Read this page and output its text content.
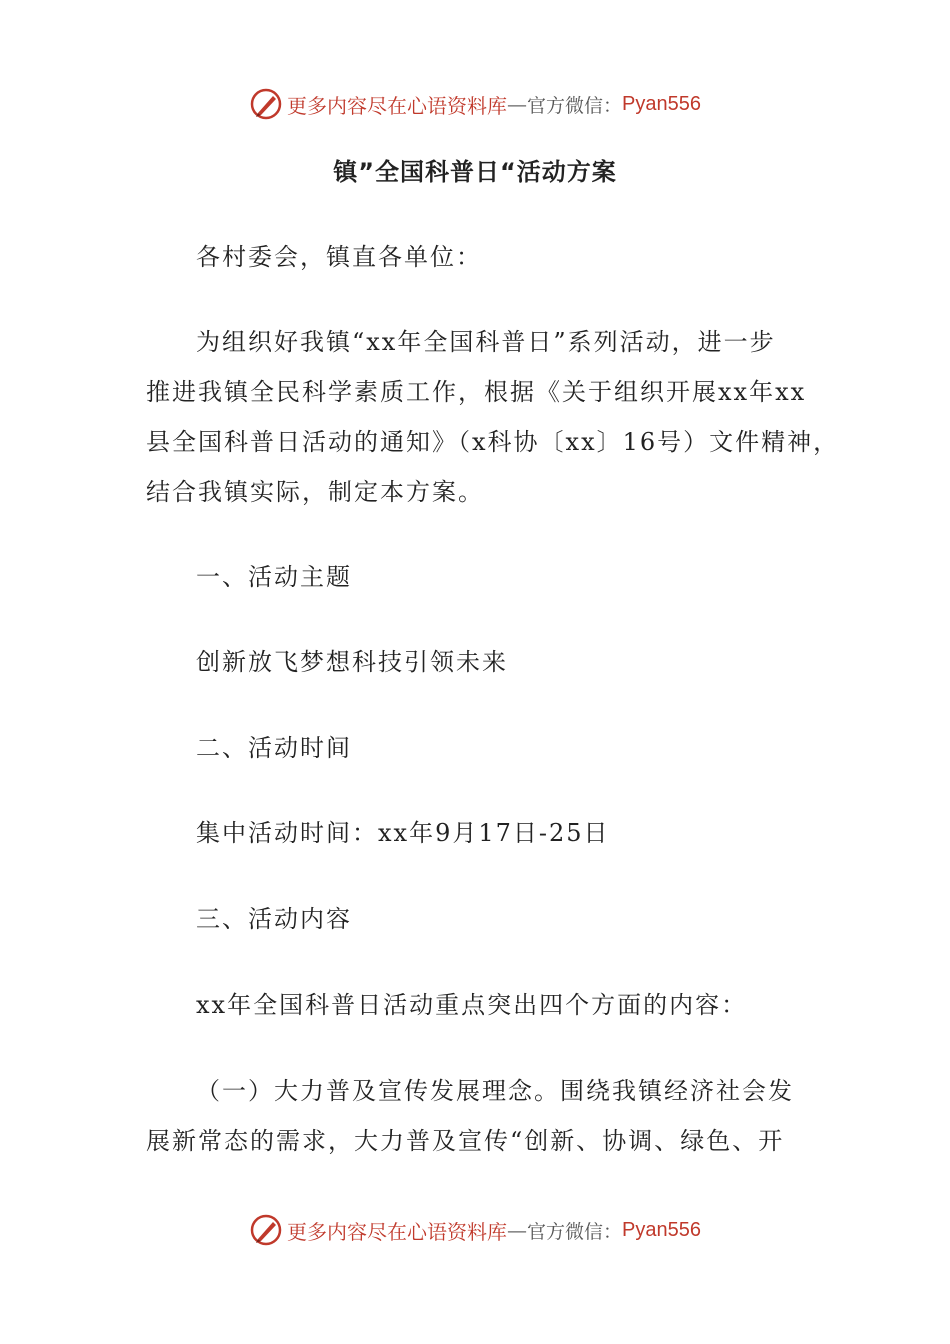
更多内容尽在心语资料库 — 官方微信： Pyan556
镇”全国科普日“活动方案
各村委会，镇直各单位：
为组织好我镇“xx年全国科普日”系列活动，进一步
推进我镇全民科学素质工作，根据《关于组织开展xx年xx
县全国科普日活动的通知》（x科协〔xx〕16号）文件精神，
结合我镇实际，制定本方案。
一、活动主题
创新放飞梦想科技引领未来
二、活动时间
集中活动时间：xx年9月17日-25日
三、活动内容
xx年全国科普日活动重点突出四个方面的内容：
（一）大力普及宣传发展理念。围绕我镇经济社会发
展新常态的需求，大力普及宣传“创新、协调、绿色、开
更多内容尽在心语资料库 — 官方微信： Pyan556
